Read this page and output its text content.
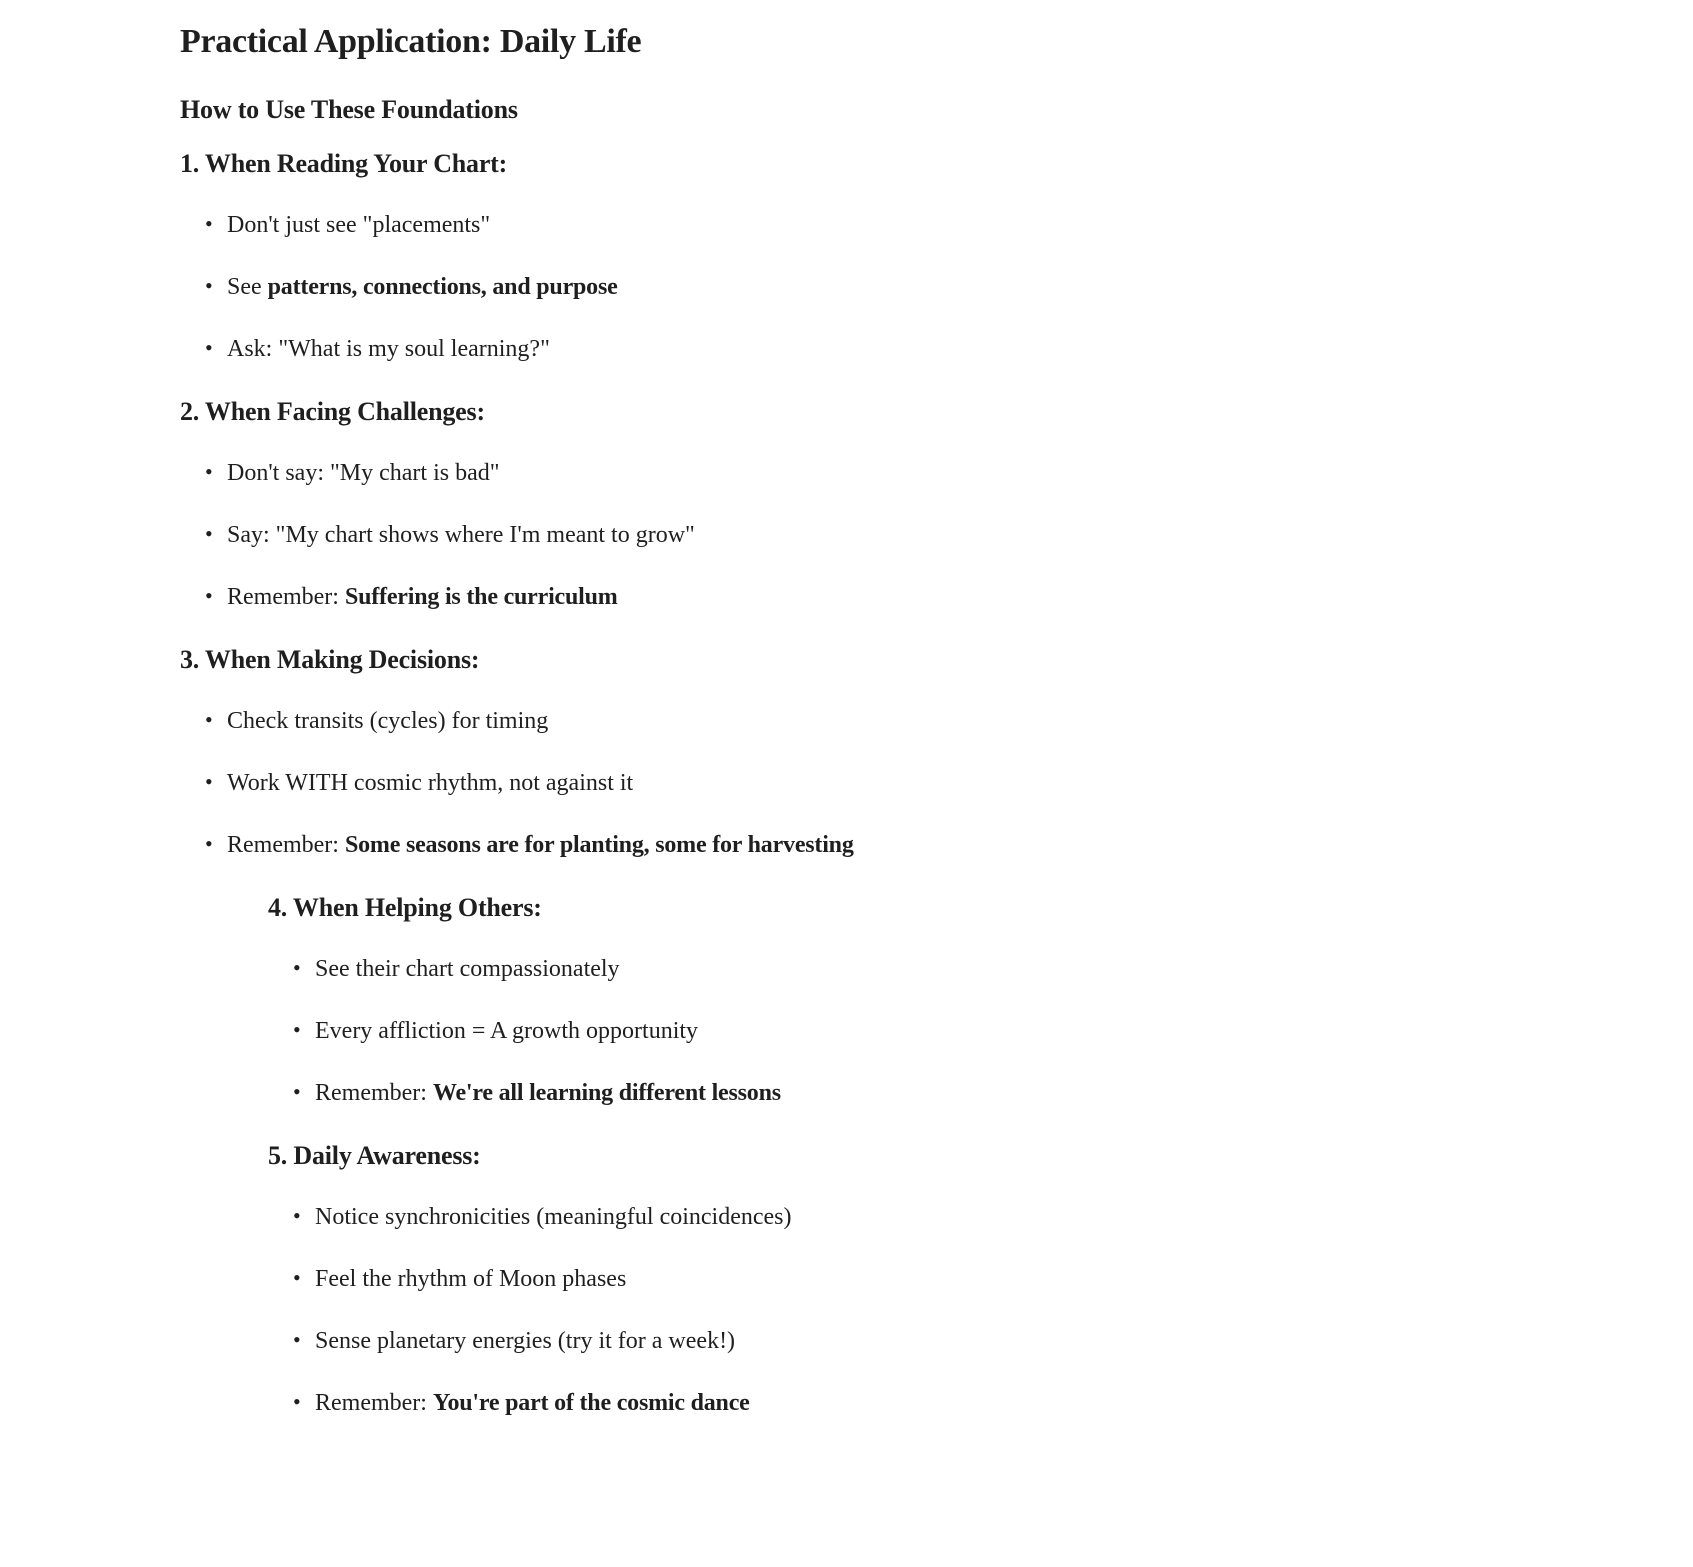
Practical Application: Daily Life
How to Use These Foundations
1. When Reading Your Chart:
• Don't just see "placements"
• See patterns, connections, and purpose
• Ask: "What is my soul learning?"
2. When Facing Challenges:
• Don't say: "My chart is bad"
• Say: "My chart shows where I'm meant to grow"
• Remember: Suffering is the curriculum
3. When Making Decisions:
• Check transits (cycles) for timing
• Work WITH cosmic rhythm, not against it
• Remember: Some seasons are for planting, some for harvesting
4. When Helping Others:
• See their chart compassionately
• Every affliction = A growth opportunity
• Remember: We're all learning different lessons
5. Daily Awareness:
• Notice synchronicities (meaningful coincidences)
• Feel the rhythm of Moon phases
• Sense planetary energies (try it for a week!)
• Remember: You're part of the cosmic dance
